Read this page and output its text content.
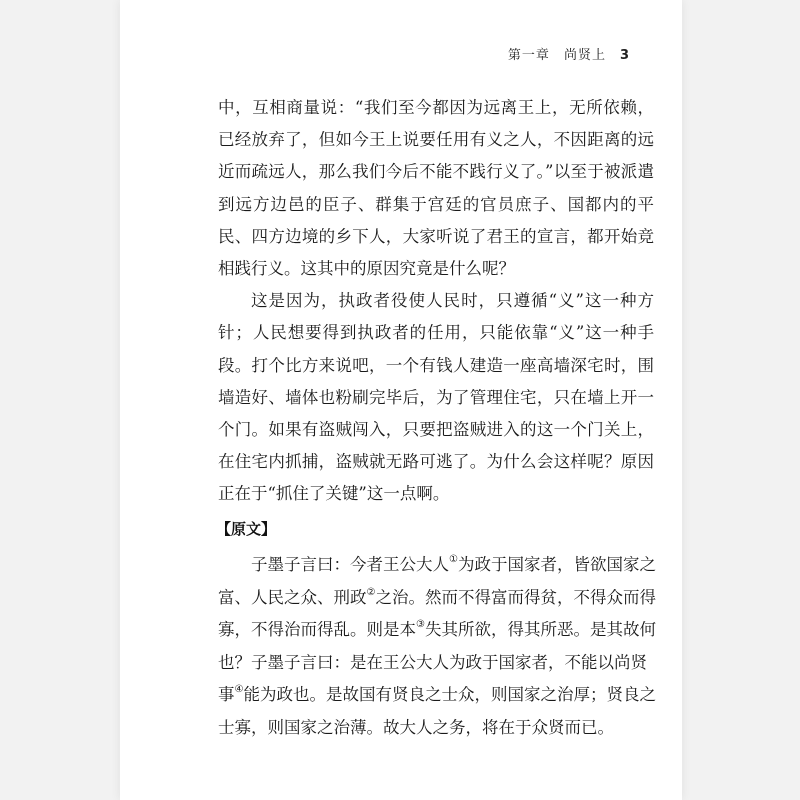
第一章 尚贤上 3

中，互相商量说：“我们至今都因为远离王上，无所依赖，已经放弃了，但如今王上说要任用有义之人，不因距离的远近而疏远人，那么我们今后不能不践行义了。”以至于被派遣到远方边邑的臣子、群集于宫廷的官员庶子、国都内的平民、四方边境的乡下人，大家听说了君王的宣言，都开始竞相践行义。这其中的原因究竟是什么呢？

这是因为，执政者役使人民时，只遵循“义”这一种方针；人民想要得到执政者的任用，只能依靠“义”这一种手段。打个比方来说吧，一个有钱人建造一座高墙深宅时，围墙造好、墙体也粉刷完毕后，为了管理住宅，只在墙上开一个门。如果有盗贼闯入，只要把盗贼进入的这一个门关上，在住宅内抓捕，盗贼就无路可逃了。为什么会这样呢？原因正在于“抓住了关键”这一点啊。

【原文】

子墨子言曰：今者王公大人①为政于国家者，皆欲国家之富、人民之众、刑政②之治。然而不得富而得贫，不得众而得寡，不得治而得乱。则是本③失其所欲，得其所恶。是其故何也？子墨子言曰：是在王公大人为政于国家者，不能以尚贤事④能为政也。是故国有贤良之士众，则国家之治厚；贤良之士寡，则国家之治薄。故大人之务，将在于众贤而已。
